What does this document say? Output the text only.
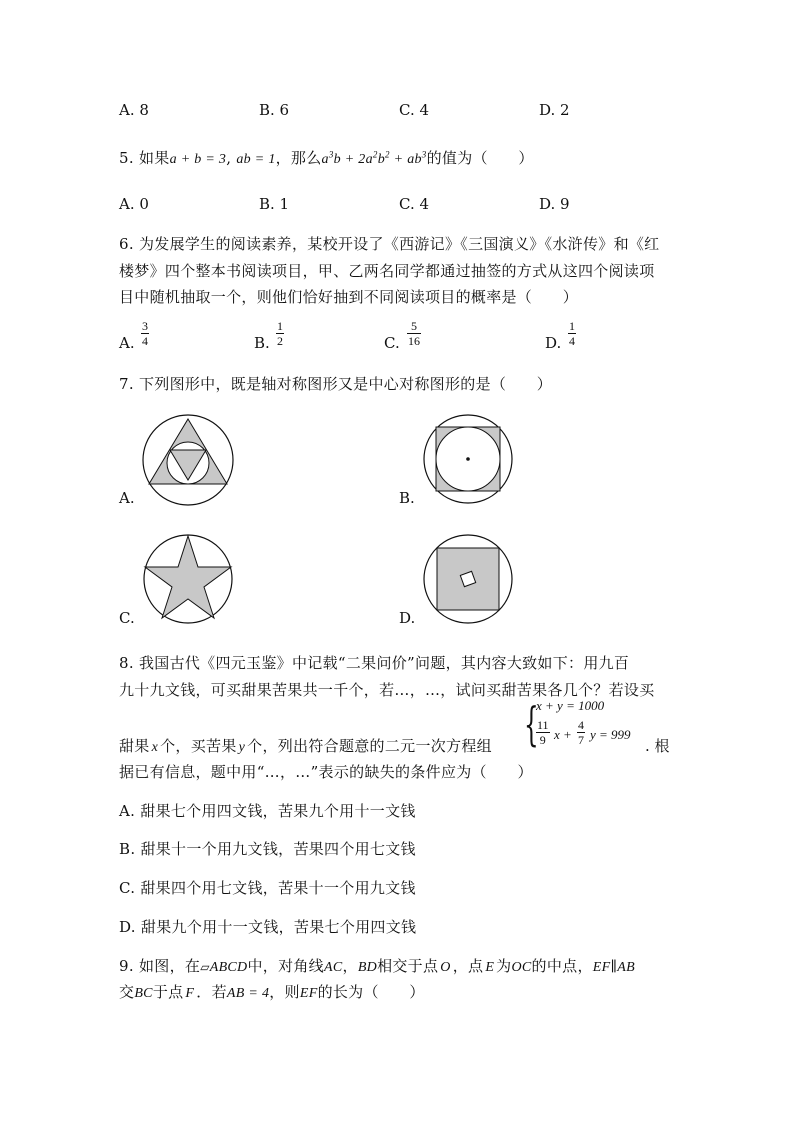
A. 8	B. 6	C. 4	D. 2
5. 如果a + b = 3, ab = 1，那么$a^3b + 2a^2b^2 + ab^3$的值为（　　）
A. 0	B. 1	C. 4	D. 9
6. 为发展学生的阅读素养，某校开设了《西游记》《三国演义》《水浒传》和《红
楼梦》四个整本书阅读项目，甲、乙两名同学都通过抽签的方式从这四个阅读项
目中随机抽取一个，则他们恰好抽到不同阅读项目的概率是（　　）
A. $\frac{3}{4}$	B. $\frac{1}{2}$	C. $\frac{5}{16}$	D. $\frac{1}{4}$
7. 下列图形中，既是轴对称图形又是中心对称图形的是（　　）
A.	B.
C.	D.
8. 我国古代《四元玉鉴》中记载“二果问价”问题，其内容大致如下：用九百
九十九文钱，可买甜果苦果共一千个，若…，…，试问买甜苦果各几个？若设买
甜果 x 个，买苦果 y 个，列出符合题意的二元一次方程组 {
x + y = 1000
$\frac{11}{9}$ $x + \frac{4}{7}$ y = 999
. 根
据已有信息，题中用“…，…”表示的缺失的条件应为（　　）
A. 甜果七个用四文钱，苦果九个用十一文钱
B. 甜果十一个用九文钱，苦果四个用七文钱
C. 甜果四个用七文钱，苦果十一个用九文钱
D. 甜果九个用十一文钱，苦果七个用四文钱
9. 如图，在▱ABCD中，对角线AC，BD相交于点 O ，点 E 为OC的中点，EF∥AB
交BC于点 F ．若AB = 4，则EF的长为（　　）
